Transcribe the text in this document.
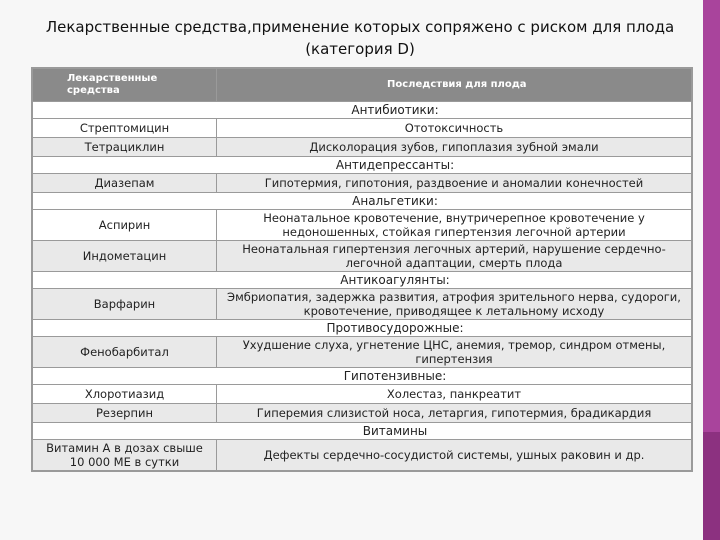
Лекарственные средства,применение которых сопряжено с риском для плода
(категория D)
Лекарственные средства	Последствия для плода
Антибиотики:	
Стрептомицин	Ототоксичность
Тетрациклин	Дисколорация зубов, гипоплазия зубной эмали
Антидепрессанты:	
Диазепам	Гипотермия, гипотония, раздвоение и аномалии конечностей
Анальгетики:	
Аспирин	Неонатальное кровотечение, внутричерепное кровотечение у недоношенных, стойкая гипертензия легочной артерии
Индометацин	Неонатальная гипертензия легочных артерий, нарушение сердечно- легочной адаптации, смерть плода
Антикоагулянты:	
Варфарин	Эмбриопатия, задержка развития, атрофия зрительного нерва, судороги, кровотечение, приводящее к летальному исходу
Противосудорожные:	
Фенобарбитал	Ухудшение слуха, угнетение ЦНС, анемия, тремор, синдром отмены, гипертензия
Гипотензивные:	
Хлоротиазид	Холестаз, панкреатит
Резерпин	Гиперемия слизистой носа, летаргия, гипотермия, брадикардия
Витамины	
Витамин А в дозах свыше 10 000 МЕ в сутки	Дефекты сердечно-сосудистой системы, ушных раковин и др.
